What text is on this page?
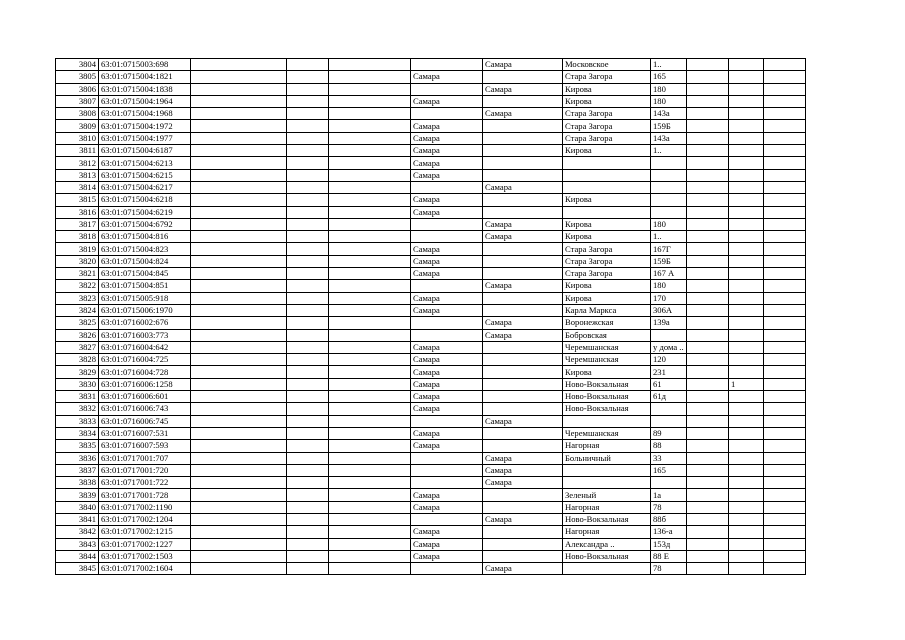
3804	63:01:0715003:698					Самара	Московское	1..			
3805	63:01:0715004:1821				Самара		Стара Загора	165			
3806	63:01:0715004:1838					Самара	Кирова	180			
3807	63:01:0715004:1964				Самара		Кирова	180			
3808	63:01:0715004:1968					Самара	Стара Загора	143а			
3809	63:01:0715004:1972				Самара		Стара Загора	159Б			
3810	63:01:0715004:1977				Самара		Стара Загора	143а			
3811	63:01:0715004:6187				Самара		Кирова	1..			
3812	63:01:0715004:6213				Самара						
3813	63:01:0715004:6215				Самара						
3814	63:01:0715004:6217					Самара					
3815	63:01:0715004:6218				Самара		Кирова				
3816	63:01:0715004:6219				Самара						
3817	63:01:0715004:6792					Самара	Кирова	180			
3818	63:01:0715004:816					Самара	Кирова	1..			
3819	63:01:0715004:823				Самара		Стара Загора	167Г			
3820	63:01:0715004:824				Самара		Стара Загора	159Б			
3821	63:01:0715004:845				Самара		Стара Загора	167 А			
3822	63:01:0715004:851					Самара	Кирова	180			
3823	63:01:0715005:918				Самара		Кирова	170			
3824	63:01:0715006:1970				Самара		Карла Маркса	306А			
3825	63:01:0716002:676					Самара	Воронежская	139а			
3826	63:01:0716003:773					Самара	Бобровская				
3827	63:01:0716004:642				Самара		Черемшанская	у дома ..			
3828	63:01:0716004:725				Самара		Черемшанская	120			
3829	63:01:0716004:728				Самара		Кирова	231			
3830	63:01:0716006:1258				Самара		Ново-Вокзальная	61		1	
3831	63:01:0716006:601				Самара		Ново-Вокзальная	61д			
3832	63:01:0716006:743				Самара		Ново-Вокзальная				
3833	63:01:0716006:745					Самара					
3834	63:01:0716007:531				Самара		Черемшанская	89			
3835	63:01:0716007:593				Самара		Нагорная	88			
3836	63:01:0717001:707					Самара	Больничный	33			
3837	63:01:0717001:720					Самара		165			
3838	63:01:0717001:722					Самара					
3839	63:01:0717001:728				Самара		Зеленый	1а			
3840	63:01:0717002:1190				Самара		Нагорная	78			
3841	63:01:0717002:1204					Самара	Ново-Вокзальная	88б			
3842	63:01:0717002:1215				Самара		Нагорная	136-а			
3843	63:01:0717002:1227				Самара		Александра ..	153д			
3844	63:01:0717002:1503				Самара		Ново-Вокзальная	88 Е			
3845	63:01:0717002:1604					Самара		78			
